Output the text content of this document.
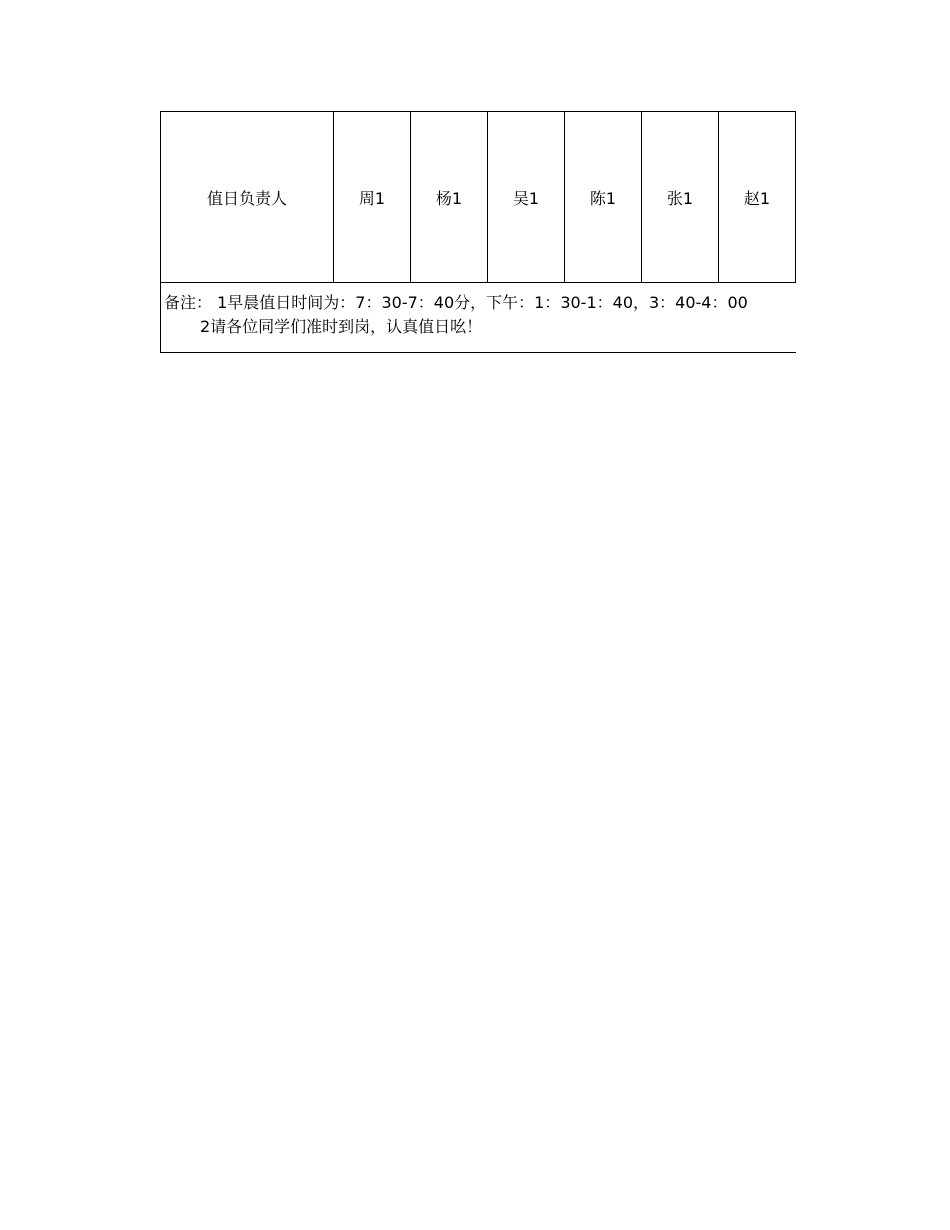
值日负责人	周1	杨1	吴1	陈1	张1	赵1

备注： 1早晨值日时间为：7：30-7：40分，下午：1：30-1：40，3：40-4：00
2请各位同学们准时到岗，认真值日吆！
